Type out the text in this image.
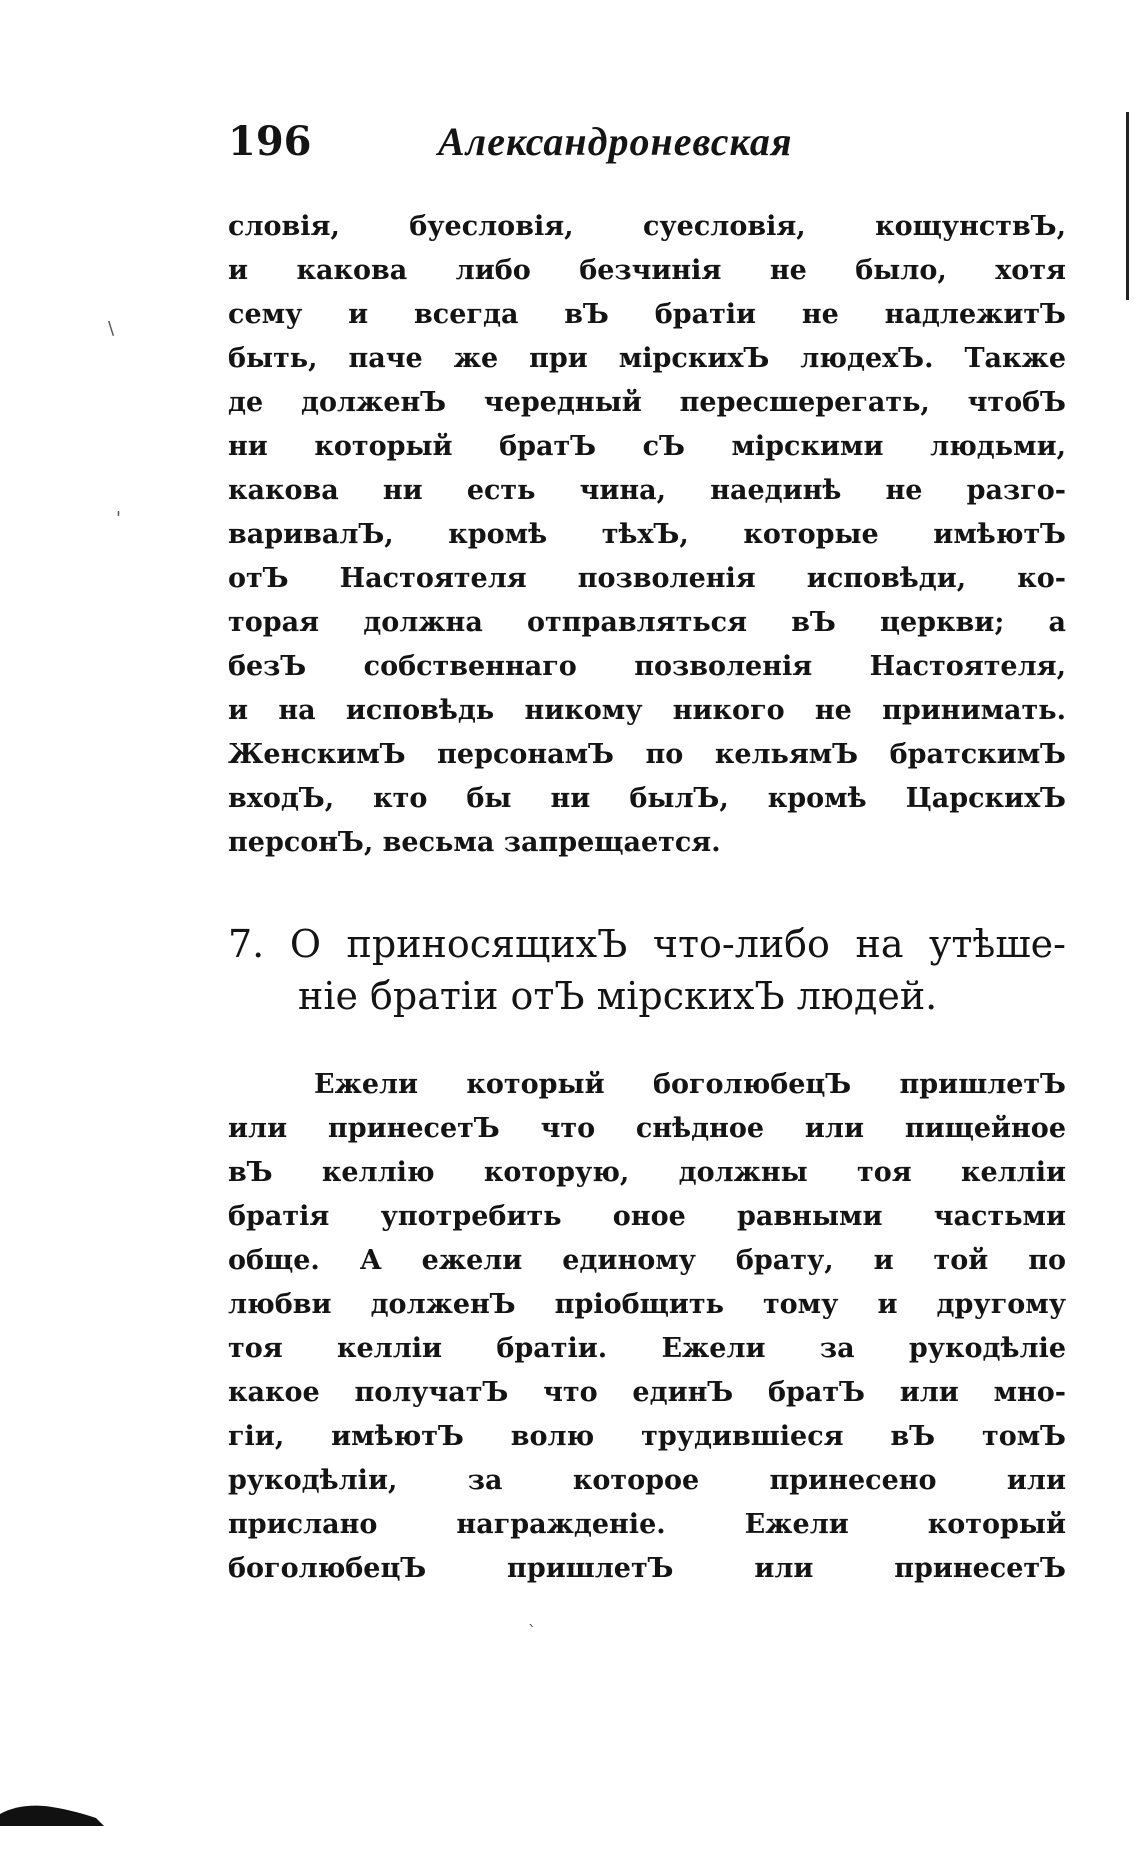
196	Александроневская
\
'
словія, буесловія, суесловія, кощунствЪ,
и какова либо безчинія не было, хотя
сему и всегда вЪ братіи не надлежитЪ
быть, паче же при мірскихЪ людехЪ. Также
де долженЪ чередный пересшерегать, чтобЪ
ни который братЪ сЪ мірскими людьми,
какова ни есть чина, наединѣ не разго-
варивалЪ, кромѣ тѣхЪ, которые имѣютЪ
отЪ Настоятеля позволенія исповѣди, ко-
торая должна отправляться вЪ церкви; а
безЪ собственнаго позволенія Настоятеля,
и на исповѣдь никому никого не принимать.
ЖенскимЪ персонамЪ по кельямЪ братскимЪ
входЪ, кто бы ни былЪ, кромѣ ЦарскихЪ
персонЪ, весьма запрещается.
7. О приносящихЪ что-либо на утѣше-
ніе братіи отЪ мірскихЪ людей.
Ежели который боголюбецЪ пришлетЪ
или принесетЪ что снѣдное или пищейное
вЪ келлію которую, должны тоя келліи
братія употребить оное равными частьми
обще. А ежели единому брату, и той по
любви долженЪ пріобщить тому и другому
тоя келліи братіи. Ежели за рукодѣліе
какое получатЪ что единЪ братЪ или мно-
гіи, имѣютЪ волю трудившіеся вЪ томЪ
рукодѣліи, за которое принесено или
прислано награжденіе. Ежели который
боголюбецЪ пришлетЪ или принесетЪ
`
